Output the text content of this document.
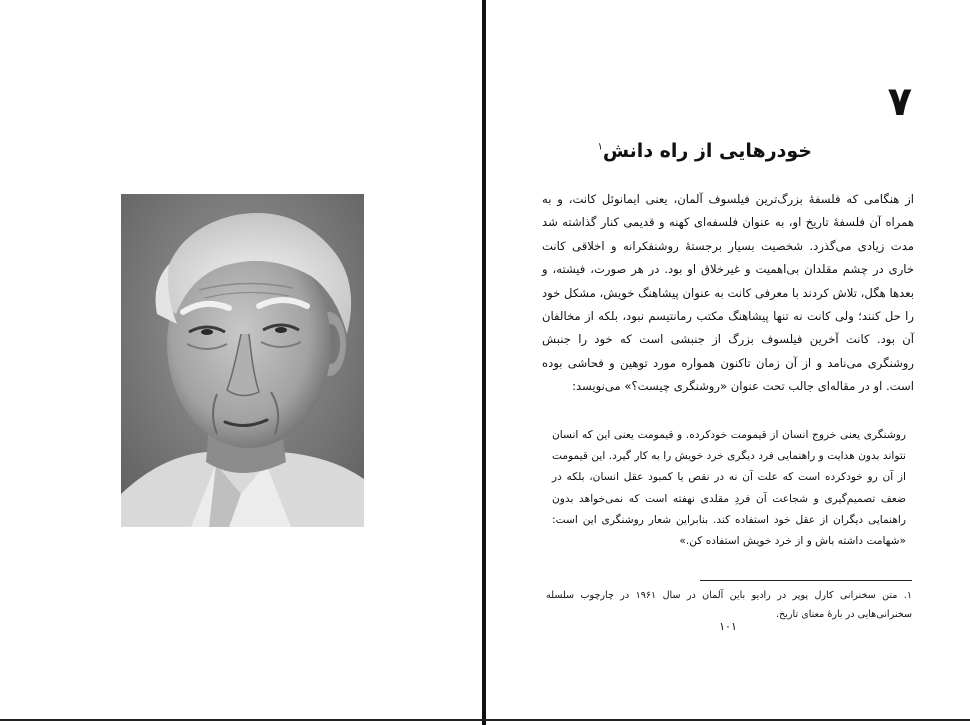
۷
خودرهایی از راه دانش$^۱$
از هنگامی که فلسفهٔ بزرگ‌ترین فیلسوف آلمان، یعنی ایمانوئل کانت، و به همراه آن فلسفهٔ تاریخ او، به عنوان فلسفه‌ای کهنه و قدیمی کنار گذاشته شد مدت زیادی می‌گذرد. شخصیت بسیار برجستهٔ روشنفکرانه و اخلاقی کانت خاری در چشم مقلدان بی‌اهمیت و غیرخلاق او بود. در هر صورت، فیشته، و بعدها هگل، تلاش کردند با معرفی کانت به عنوان پیشاهنگ خویش، مشکل خود را حل کنند؛ ولی کانت نه تنها پیشاهنگ مکتب رمانتیسم نبود، بلکه از مخالفان آن بود. کانت آخرین فیلسوف بزرگ از جنبشی است که خود را جنبش روشنگری می‌نامد و از آن زمان تاکنون همواره مورد توهین و فحاشی بوده است. او در مقاله‌ای جالب تحت عنوان «روشنگری چیست؟» می‌نویسد:
روشنگری یعنی خروج انسان از قیمومت خودکرده. و قیمومت یعنی این که انسان نتواند بدون هدایت و راهنمایی فرد دیگری خرد خویش را به کار گیرد. این قیمومت از آن رو خودکرده است که علت آن نه در نقص یا کمبود عقل انسان، بلکه در ضعف تصمیم‌گیری و شجاعت آن فردِ مقلدی نهفته است که نمی‌خواهد بدون راهنمایی دیگران از عقل خود استفاده کند. بنابراین شعار روشنگری این است: «شهامت داشته باش و از خرد خویش استفاده کن.»
۱. متن سخنرانی کارل پوپر در رادیو باین آلمان در سال ۱۹۶۱ در چارچوب سلسله سخنرانی‌هایی در بارهٔ معنای تاریخ.
۱۰۱
